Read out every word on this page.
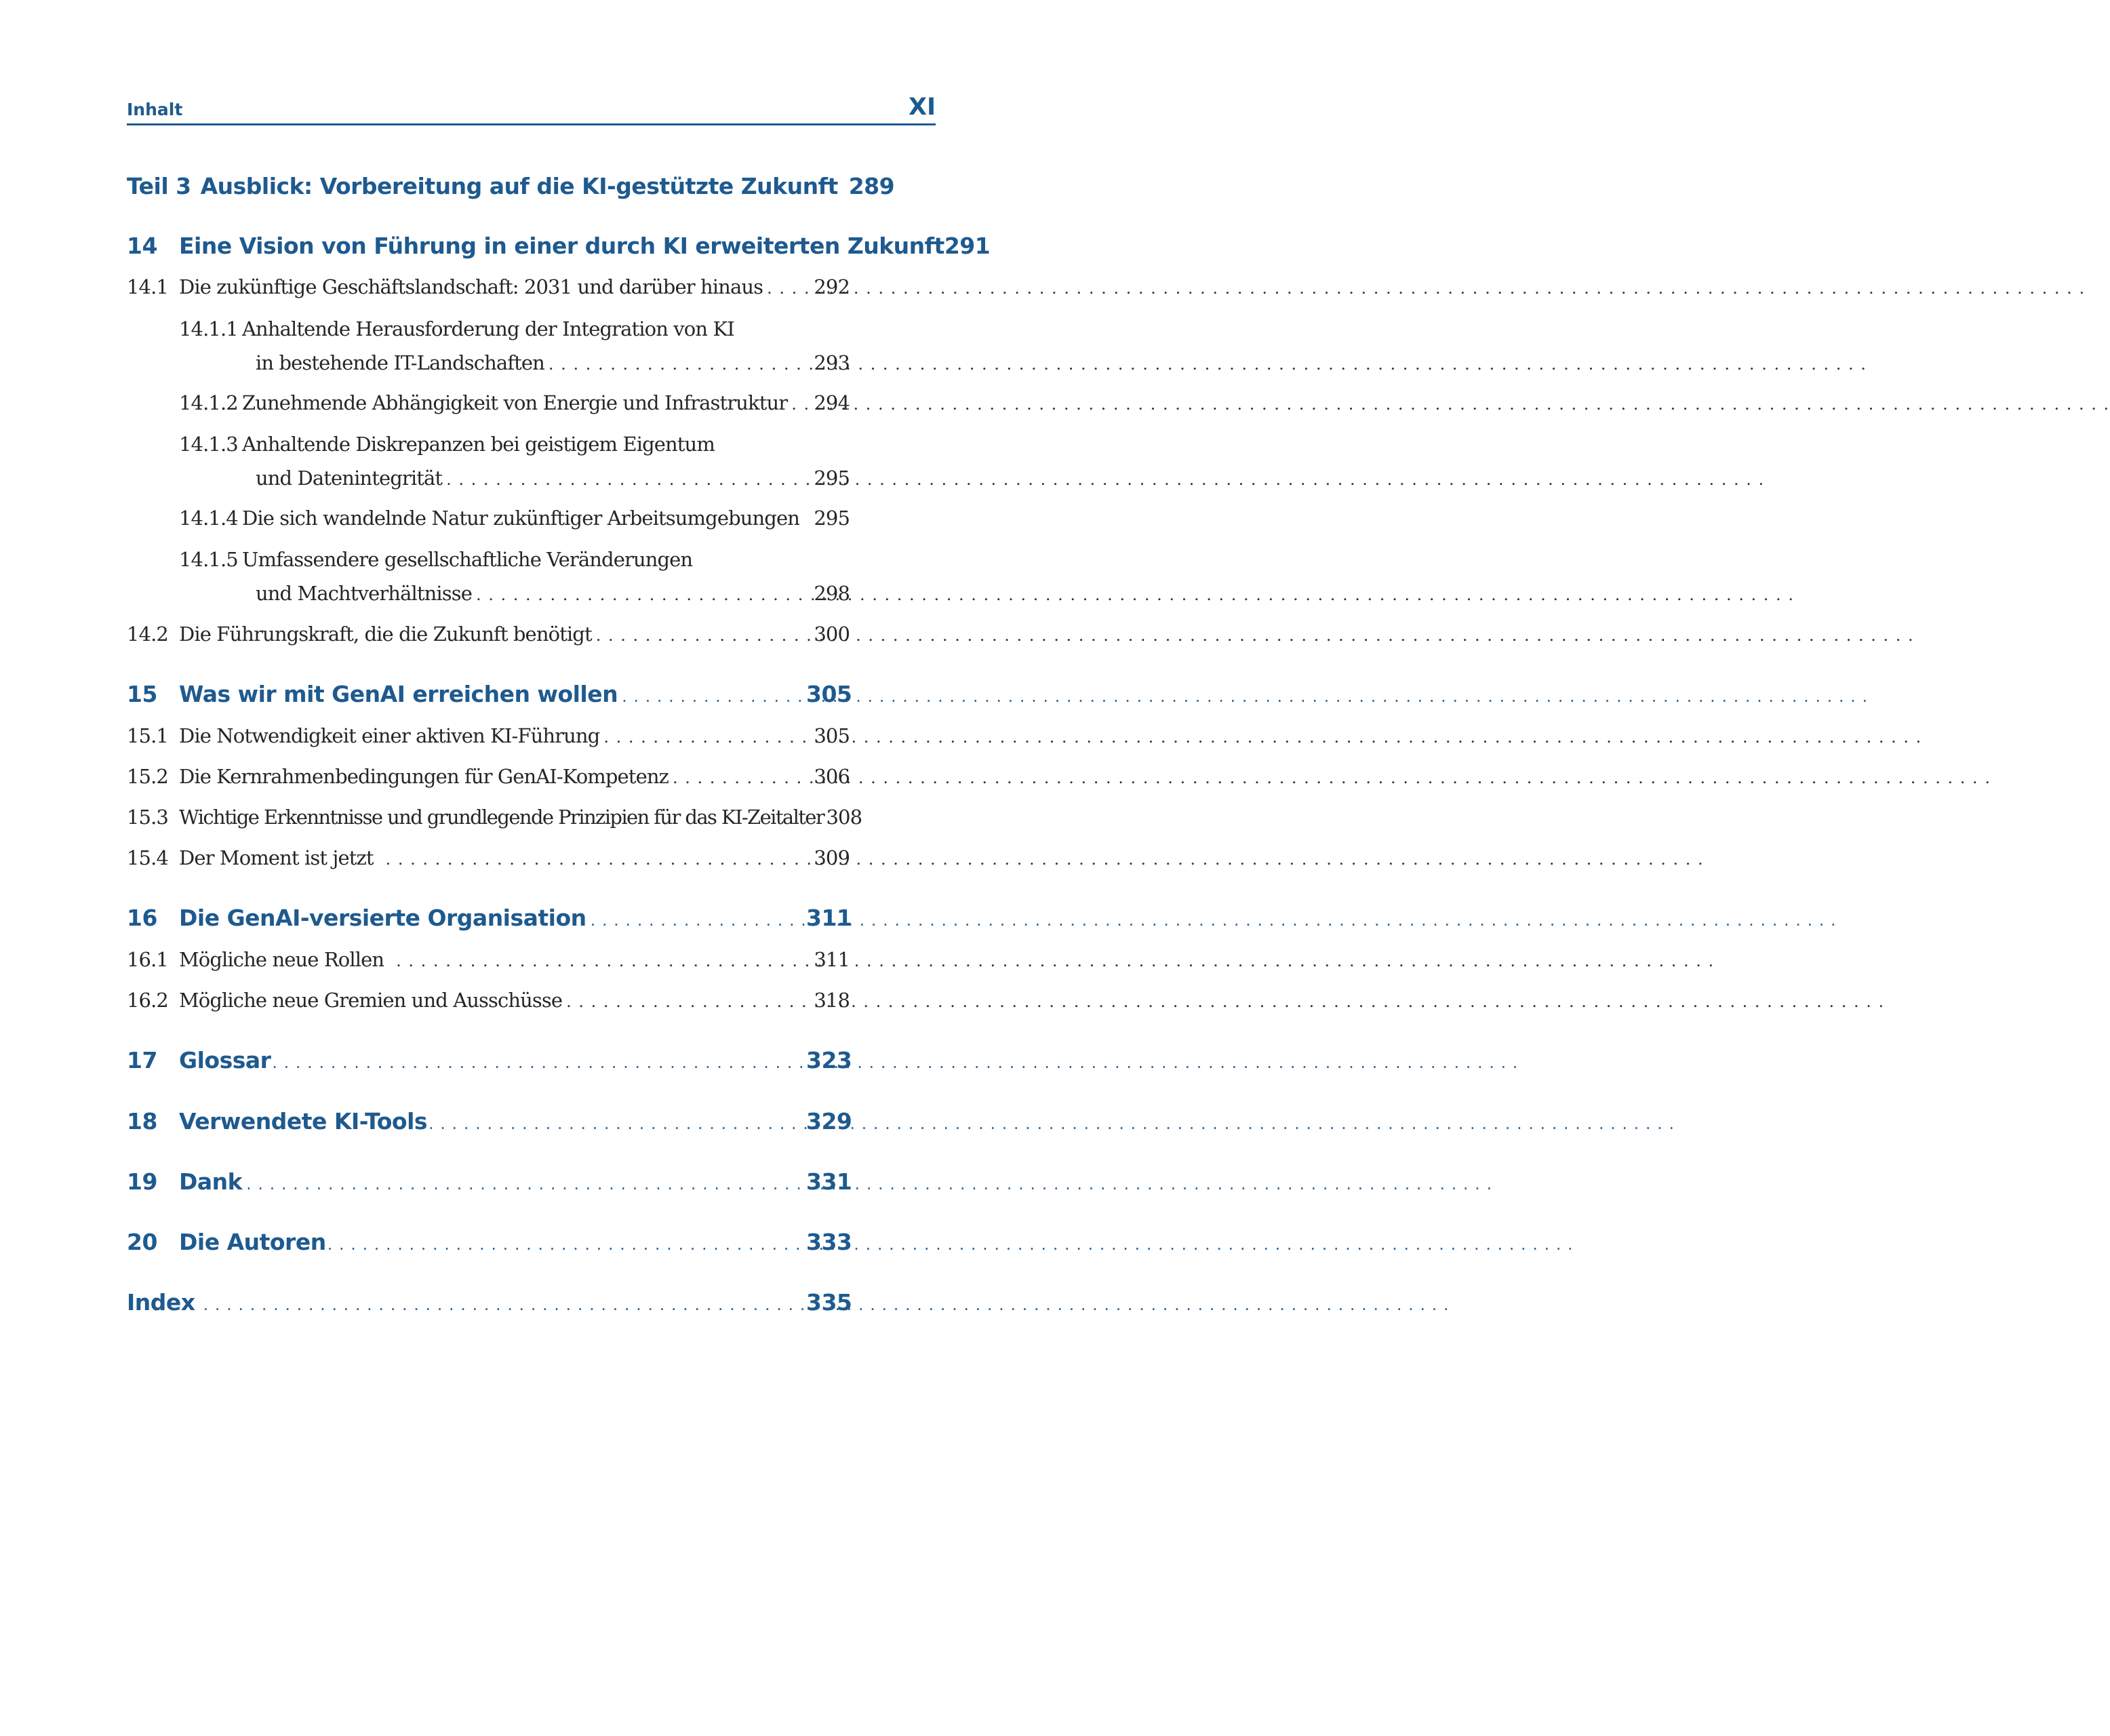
Inhalt	XI
Teil 3 Ausblick: Vorbereitung auf die KI-gestützte Zukunft 289
14 Eine Vision von Führung in einer durch KI erweiterten Zukunft 291
14.1 Die zukünftige Geschäftslandschaft: 2031 und darüber hinaus . . .	292
14.1.1 Anhaltende Herausforderung der Integration von KI
in bestehende IT-Landschaften . . .	293
14.1.2 Zunehmende Abhängigkeit von Energie und Infrastruktur . . . 294
14.1.3 Anhaltende Diskrepanzen bei geistigem Eigentum
und Datenintegrität . . .	295
14.1.4 Die sich wandelnde Natur zukünftiger Arbeitsumgebungen . . . 295
14.1.5 Umfassendere gesellschaftliche Veränderungen
und Machtverhältnisse . . .	298
14.2 Die Führungskraft, die die Zukunft benötigt . . .	300
15 Was wir mit GenAI erreichen wollen . . .	305
15.1 Die Notwendigkeit einer aktiven KI-Führung . . .	305
15.2 Die Kernrahmenbedingungen für GenAI-Kompetenz . . .	306
15.3 Wichtige Erkenntnisse und grundlegende Prinzipien für das KI-Zeitalter 308
15.4 Der Moment ist jetzt . . .	309
16 Die GenAI-versierte Organisation . . .	311
16.1 Mögliche neue Rollen . . .	311
16.2 Mögliche neue Gremien und Ausschüsse . . .	318
17 Glossar . . .	323
18 Verwendete KI-Tools . . .	329
19 Dank . . .	331
20 Die Autoren . . .	333
Index . . .	335
